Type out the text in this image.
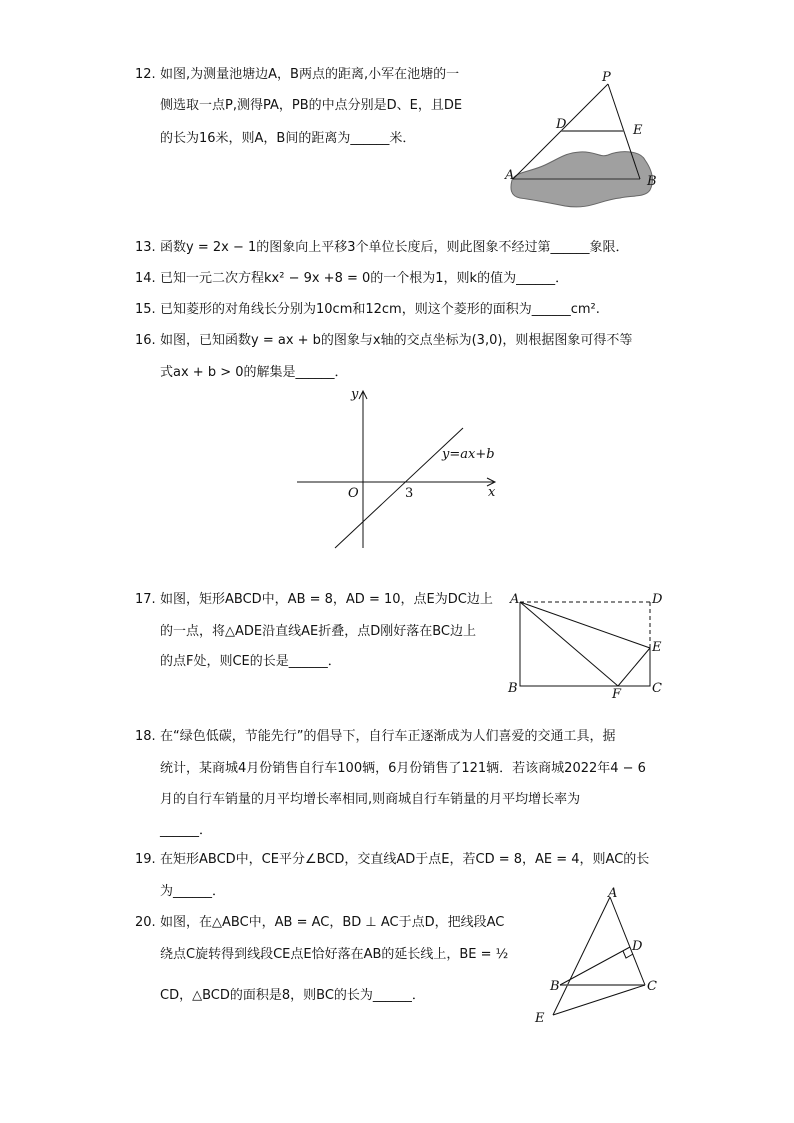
12. 如图,为测量池塘边A，B两点的距离,小军在池塘的一
侧选取一点P,测得PA，PB的中点分别是D、E，且DE
的长为16米，则A，B间的距离为______米．
13. 函数y = 2x − 1的图象向上平移3个单位长度后，则此图象不经过第______象限．
14. 已知一元二次方程kx² − 9x +8 = 0的一个根为1，则k的值为______．
15. 已知菱形的对角线长分别为10cm和12cm，则这个菱形的面积为______cm².
16. 如图，已知函数y = ax + b的图象与x轴的交点坐标为(3,0)，则根据图象可得不等
式ax + b > 0的解集是______．
17. 如图，矩形ABCD中，AB = 8，AD = 10，点E为DC边上
的一点，将△ADE沿直线AE折叠，点D刚好落在BC边上
的点F处，则CE的长是______．
18. 在“绿色低碳，节能先行”的倡导下，自行车正逐渐成为人们喜爱的交通工具，据
统计，某商城4月份销售自行车100辆，6月份销售了121辆．若该商城2022年4 − 6
月的自行车销量的月平均增长率相同,则商城自行车销量的月平均增长率为
______．
19. 在矩形ABCD中，CE平分∠BCD，交直线AD于点E，若CD = 8，AE = 4，则AC的长
为______．
20. 如图，在△ABC中，AB = AC，BD ⊥ AC于点D，把线段AC
绕点C旋转得到线段CE点E恰好落在AB的延长线上，BE = ½
CD，△BCD的面积是8，则BC的长为______．
P
D	E
A	B
y
x
O	3
y=ax+b
A	D
E
B	F C
A
D
B	C
E
